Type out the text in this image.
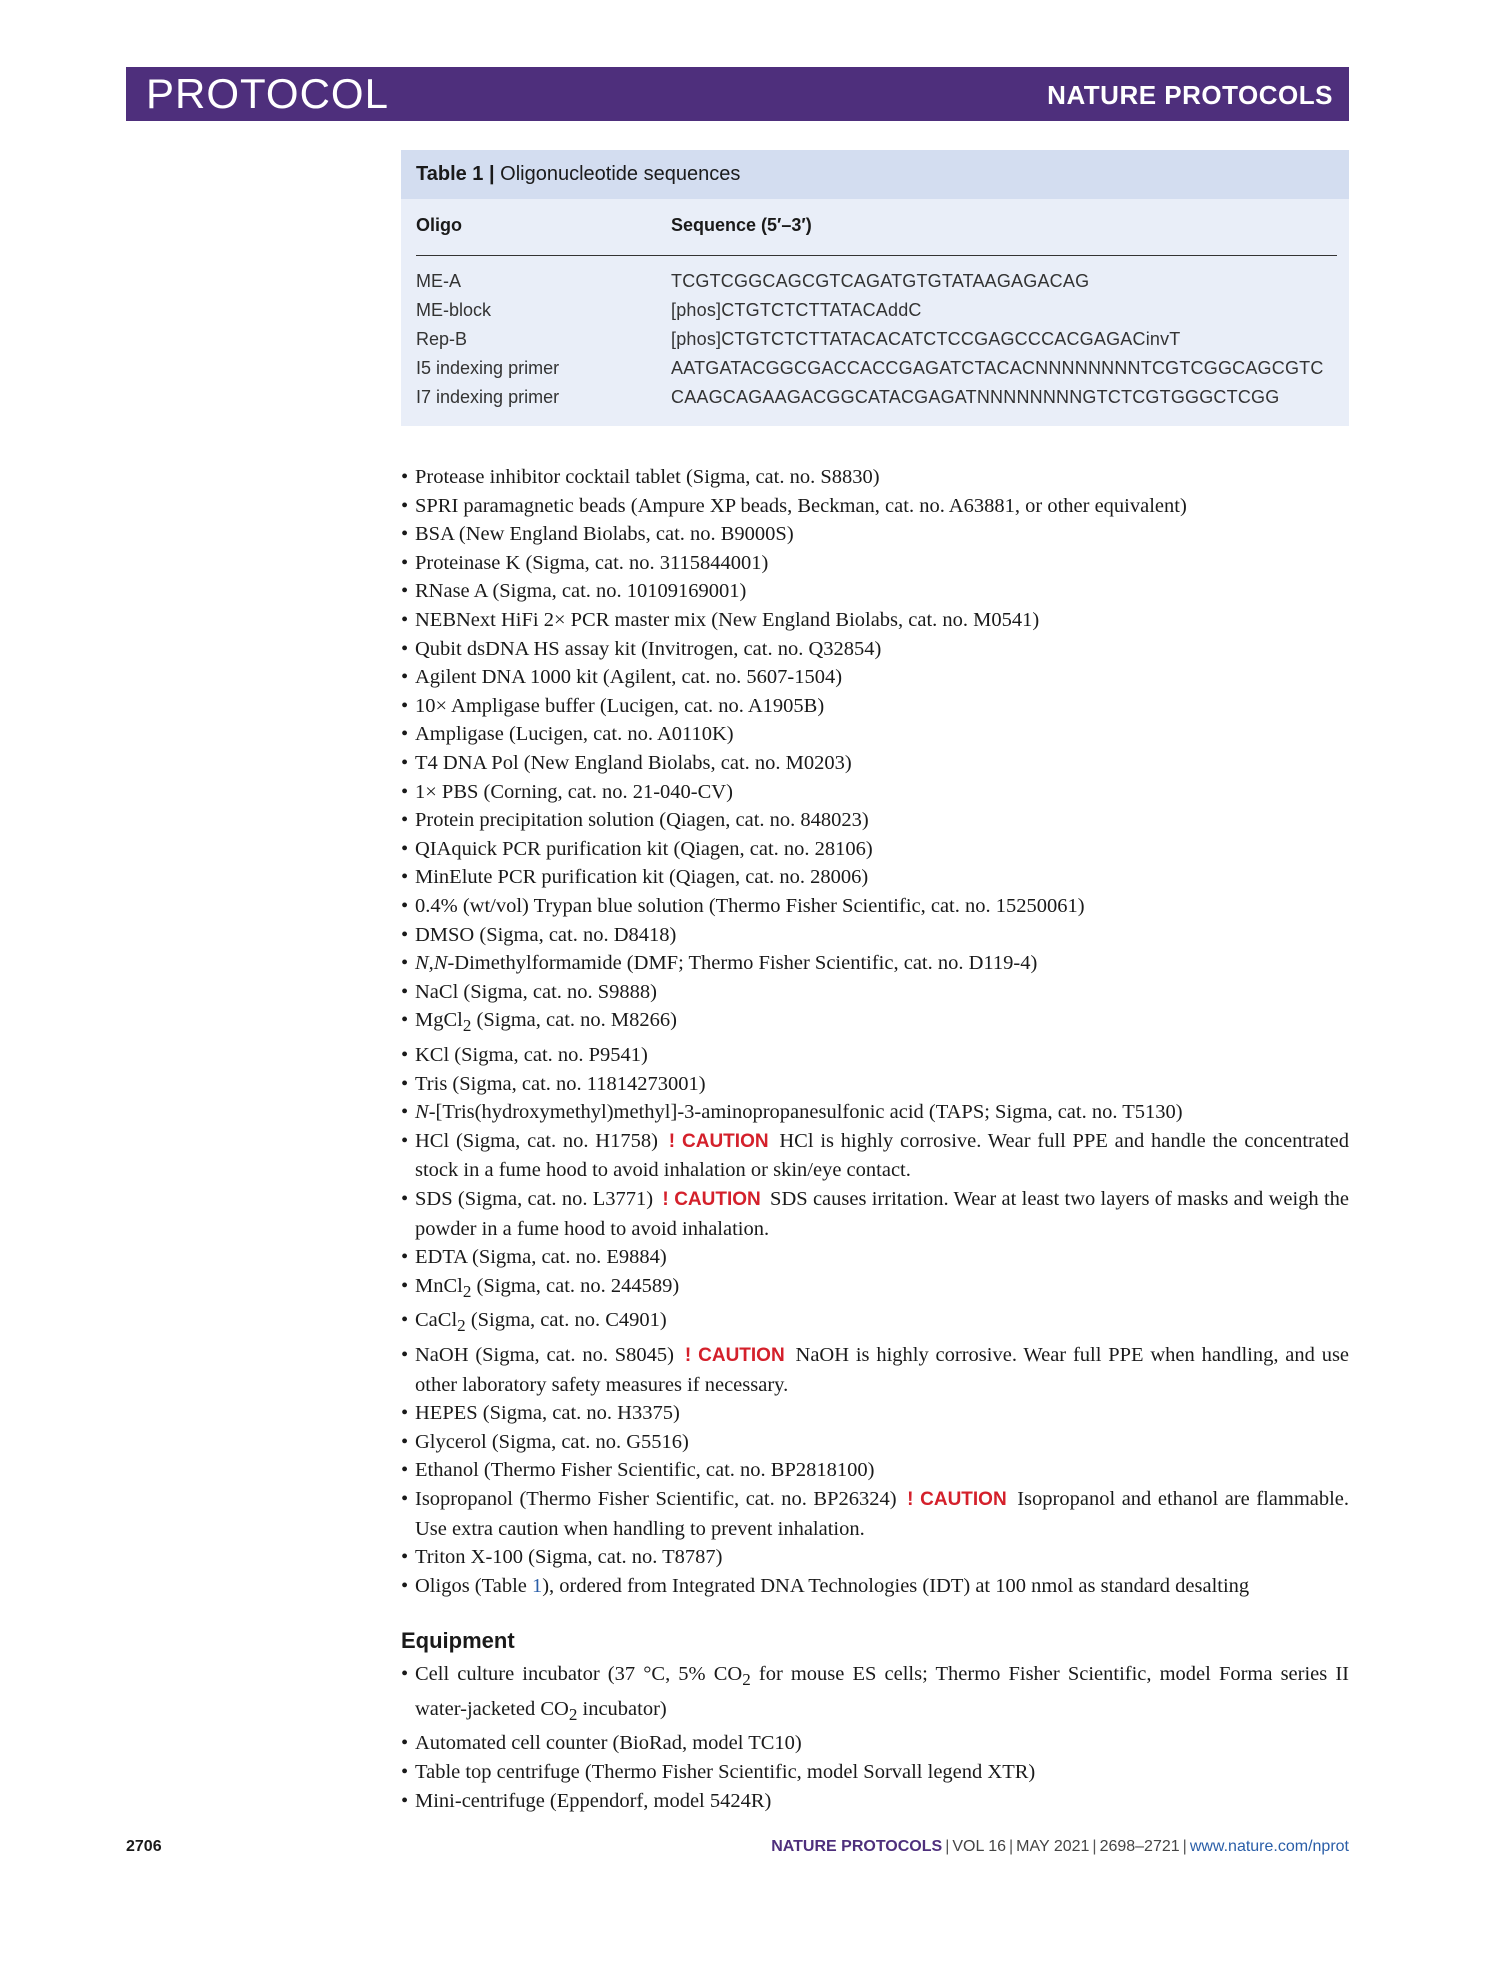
PROTOCOL	NATURE PROTOCOLS
Table 1 | Oligonucleotide sequences
Oligo	Sequence (5′–3′)
ME-A	TCGTCGGCAGCGTCAGATGTGTATAAGAGACAG
ME-block	[phos]CTGTCTCTTATACAddC
Rep-B	[phos]CTGTCTCTTATACACATCTCCGAGCCCACGAGACinvT
I5 indexing primer	AATGATACGGCGACCACCGAGATCTACACNNNNNNNNTCGTCGGCAGCGTC
I7 indexing primer	CAAGCAGAAGACGGCATACGAGATNNNNNNNNGTCTCGTGGGCTCGG
• Protease inhibitor cocktail tablet (Sigma, cat. no. S8830)
• SPRI paramagnetic beads (Ampure XP beads, Beckman, cat. no. A63881, or other equivalent)
• BSA (New England Biolabs, cat. no. B9000S)
• Proteinase K (Sigma, cat. no. 3115844001)
• RNase A (Sigma, cat. no. 10109169001)
• NEBNext HiFi 2× PCR master mix (New England Biolabs, cat. no. M0541)
• Qubit dsDNA HS assay kit (Invitrogen, cat. no. Q32854)
• Agilent DNA 1000 kit (Agilent, cat. no. 5607-1504)
• 10× Ampligase buffer (Lucigen, cat. no. A1905B)
• Ampligase (Lucigen, cat. no. A0110K)
• T4 DNA Pol (New England Biolabs, cat. no. M0203)
• 1× PBS (Corning, cat. no. 21-040-CV)
• Protein precipitation solution (Qiagen, cat. no. 848023)
• QIAquick PCR purification kit (Qiagen, cat. no. 28106)
• MinElute PCR purification kit (Qiagen, cat. no. 28006)
• 0.4% (wt/vol) Trypan blue solution (Thermo Fisher Scientific, cat. no. 15250061)
• DMSO (Sigma, cat. no. D8418)
• N,N-Dimethylformamide (DMF; Thermo Fisher Scientific, cat. no. D119-4)
• NaCl (Sigma, cat. no. S9888)
• MgCl$_2$ (Sigma, cat. no. M8266)
• KCl (Sigma, cat. no. P9541)
• Tris (Sigma, cat. no. 11814273001)
• N-[Tris(hydroxymethyl)methyl]-3-aminopropanesulfonic acid (TAPS; Sigma, cat. no. T5130)
• HCl (Sigma, cat. no. H1758) ! CAUTION HCl is highly corrosive. Wear full PPE and handle the concentrated stock in a fume hood to avoid inhalation or skin/eye contact.
• SDS (Sigma, cat. no. L3771) ! CAUTION SDS causes irritation. Wear at least two layers of masks and weigh the powder in a fume hood to avoid inhalation.
• EDTA (Sigma, cat. no. E9884)
• MnCl$_2$ (Sigma, cat. no. 244589)
• CaCl$_2$ (Sigma, cat. no. C4901)
• NaOH (Sigma, cat. no. S8045) ! CAUTION NaOH is highly corrosive. Wear full PPE when handling, and use other laboratory safety measures if necessary.
• HEPES (Sigma, cat. no. H3375)
• Glycerol (Sigma, cat. no. G5516)
• Ethanol (Thermo Fisher Scientific, cat. no. BP2818100)
• Isopropanol (Thermo Fisher Scientific, cat. no. BP26324) ! CAUTION Isopropanol and ethanol are flammable. Use extra caution when handling to prevent inhalation.
• Triton X-100 (Sigma, cat. no. T8787)
• Oligos (Table 1), ordered from Integrated DNA Technologies (IDT) at 100 nmol as standard desalting
Equipment
• Cell culture incubator (37 °C, 5% $CO_2$ for mouse ES cells; Thermo Fisher Scientific, model Forma series II water-jacketed $CO_2$ incubator)
• Automated cell counter (BioRad, model TC10)
• Table top centrifuge (Thermo Fisher Scientific, model Sorvall legend XTR)
• Mini-centrifuge (Eppendorf, model 5424R)
2706	NATURE PROTOCOLS | VOL 16 | MAY 2021 | 2698–2721 | www.nature.com/nprot
